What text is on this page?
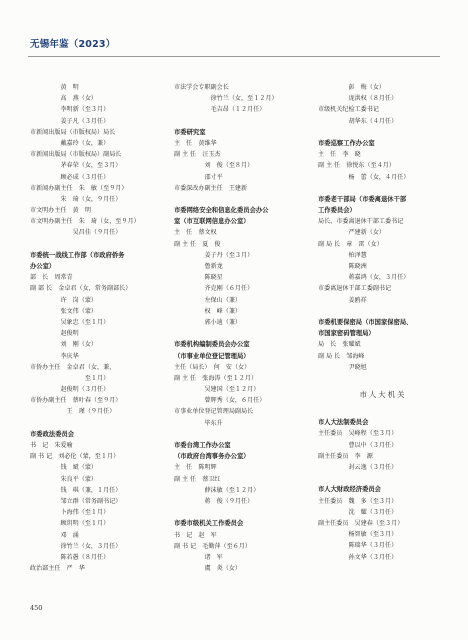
无锡年鉴（2023）
　　　　　黄　明
　　　　　高　燕（女）
　　　　　李明新（至３月）
　　　　　姜子凡（３月任）
市新闻出版局（市版权局）局长
　　　　　戴嘉玲（女，兼）
市新闻出版局（市版权局）副局长
　　　　　茅春荣（女，至３月）
　　　　　顾必成（３月任）
市新闻办副主任　朱　敏（至９月）
　　　　　朱　琦（女，９月任）
市文明办主任　黄　明
市文明办副主任　朱　琦（女，至９月）
　　　　　　　吴昌佳（９月任）
市委统一战线工作部（市政府侨务
办公室）
部　长　周常青
副 部 长　金卓君（女，常务副部长）
　　　　　许　岗（蒙）
　　　　　张文伟（蒙）
　　　　　吴象忠（至１月）
　　　　　赵俊明
　　　　　刘　刚（女）
　　　　　李庆华
市侨办主任　金卓君（女，兼，
　　　　　　　　　至１月）
　　　　　赵俊明（３月任）
市侨办副主任　蔡叶春（至９月）
　　　　　　王　瑾（９月任）
市委政法委员会
书　记　朱爱喻
副 书 记　刘必伦（蒙，至１月）
　　　　　钱　斌（蒙）
　　　　　朱良平（蒙）
　　　　　钱　琪（兼，１月任）
　　　　　邹立群（常务副书记）
　　　　　卜海伟（至１月）
　　　　　顾玥明（至１月）
　　　　　邓　涌
　　　　　徐竹兰（女，３月任）
　　　　　陈若愚（８月任）
政治部主任　严　华
市法学会专职副会长
　　　　　　徐竹兰（女，至１２月）
　　　　　　毛吉昂（１２月任）
市委研究室
主　任　黄维华
副 主 任　汪玉杰
　　　　　刘　俊（至８月）
　　　　　邵寸平
市委深改办副主任　王建新
市委网络安全和信息化委员会办公
室（市互联网信息办公室）
主　任　蔡文权
副 主 任　夏　俊
　　　　　姜子丹（至３月）
　　　　　鲁新龙
　　　　　陈晓星
　　　　　齐克刚（６月任）
　　　　　左保山（兼）
　　　　　权　峰（兼）
　　　　　郭小迪（兼）
市委机构编制委员会办公室
（市事业单位登记管理局）
主任（局长）　何　安（女）
副 主 任　张海涛（至１２月）
　　　　　吴建国（至１２月）
　　　　　曾辉秀（女，６月任）
市事业单位登记管理局副局长
　　　　　毕东升
市委台湾工作办公室
（市政府台湾事务办公室）
主　任　陈明辉
副 主 任　蔡卫红
　　　　　薛沫敏（至１２月）
　　　　　蒋　俊（９月任）
市委市级机关工作委员会
书　记　赵　军
副 书 记　毛勤萍（至６月）
　　　　　诸　军
　　　　　虞　炎（女）
　　　　　彭　梅（女）
　　　　　庞洪权（８月任）
市级机关纪检工委书记
　　　　　胡华东（４月任）
市委巡察工作办公室
主　任　李　晓
副 主 任　徐悦东（至４月）
　　　　　杨　蕾（女，４月任）
市委老干部局（市委离退休干部
工作委员会）
局长、市委离退休干部工委书记
　　　　　严建新（女）
副 局 长　章　雷（女）
　　　　　柏泽慧
　　　　　陈晓洲
　　　　　蒋嘉鸿（女，３月任）
市委离退休干部工委副书记
　　　　　姜鸥祥
市委机要保密局（市国家保密局、
市国家密码管理局）
局　长　张耀斌
副 局 长　邹海峰
　　　　　尹晓旭
市人大机关
市人大法制委员会
主任委员　吴峰程（至３月）
　　　　　曹以中（３月任）
副主任委员　李　源
　　　　　封云逸（３月任）
市人大财政经济委员会
主任委员　魏　多（至３月）
　　　　　沈　耀（３月任）
副主任委员　吴建春（至３月）
　　　　　杨智敏（至３月）
　　　　　陈瑞华（３月任）
　　　　　孙文华（３月任）
450
